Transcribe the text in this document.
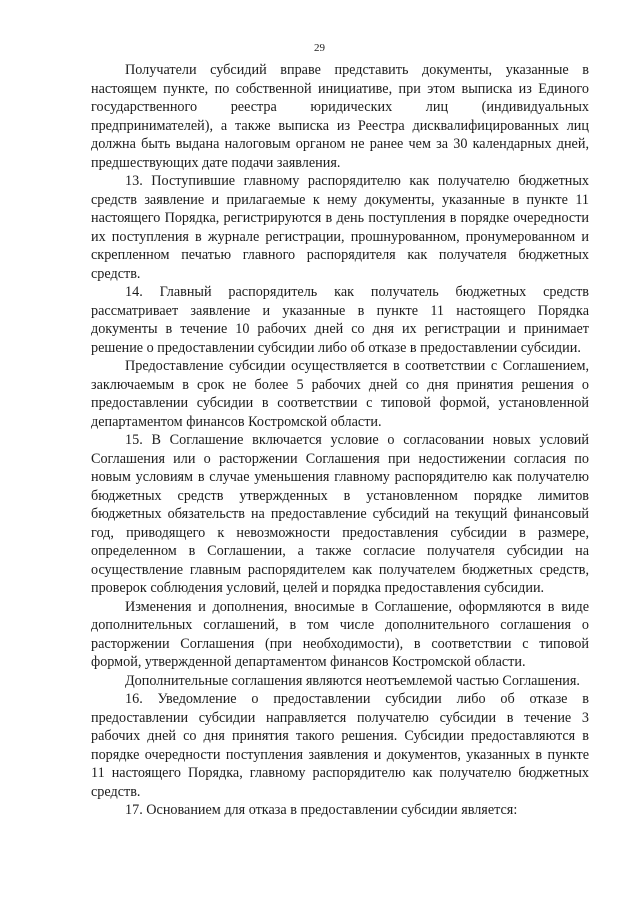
29

Получатели субсидий вправе представить документы, указанные в настоящем пункте, по собственной инициативе, при этом выписка из Единого государственного реестра юридических лиц (индивидуальных предпринимателей), а также выписка из Реестра дисквалифицированных лиц должна быть выдана налоговым органом не ранее чем за 30 календарных дней, предшествующих дате подачи заявления.

13. Поступившие главному распорядителю как получателю бюджетных средств заявление и прилагаемые к нему документы, указанные в пункте 11 настоящего Порядка, регистрируются в день поступления в порядке очередности их поступления в журнале регистрации, прошнурованном, пронумерованном и скрепленном печатью главного распорядителя как получателя бюджетных средств.

14. Главный распорядитель как получатель бюджетных средств рассматривает заявление и указанные в пункте 11 настоящего Порядка документы в течение 10 рабочих дней со дня их регистрации и принимает решение о предоставлении субсидии либо об отказе в предоставлении субсидии.

Предоставление субсидии осуществляется в соответствии с Соглашением, заключаемым в срок не более 5 рабочих дней со дня принятия решения о предоставлении субсидии в соответствии с типовой формой, установленной департаментом финансов Костромской области.

15. В Соглашение включается условие о согласовании новых условий Соглашения или о расторжении Соглашения при недостижении согласия по новым условиям в случае уменьшения главному распорядителю как получателю бюджетных средств утвержденных в установленном порядке лимитов бюджетных обязательств на предоставление субсидий на текущий финансовый год, приводящего к невозможности предоставления субсидии в размере, определенном в Соглашении, а также согласие получателя субсидии на осуществление главным распорядителем как получателем бюджетных средств, проверок соблюдения условий, целей и порядка предоставления субсидии.

Изменения и дополнения, вносимые в Соглашение, оформляются в виде дополнительных соглашений, в том числе дополнительного соглашения о расторжении Соглашения (при необходимости), в соответствии с типовой формой, утвержденной департаментом финансов Костромской области.

Дополнительные соглашения являются неотъемлемой частью Соглашения.

16. Уведомление о предоставлении субсидии либо об отказе в предоставлении субсидии направляется получателю субсидии в течение 3 рабочих дней со дня принятия такого решения. Субсидии предоставляются в порядке очередности поступления заявления и документов, указанных в пункте 11 настоящего Порядка, главному распорядителю как получателю бюджетных средств.

17. Основанием для отказа в предоставлении субсидии является:
